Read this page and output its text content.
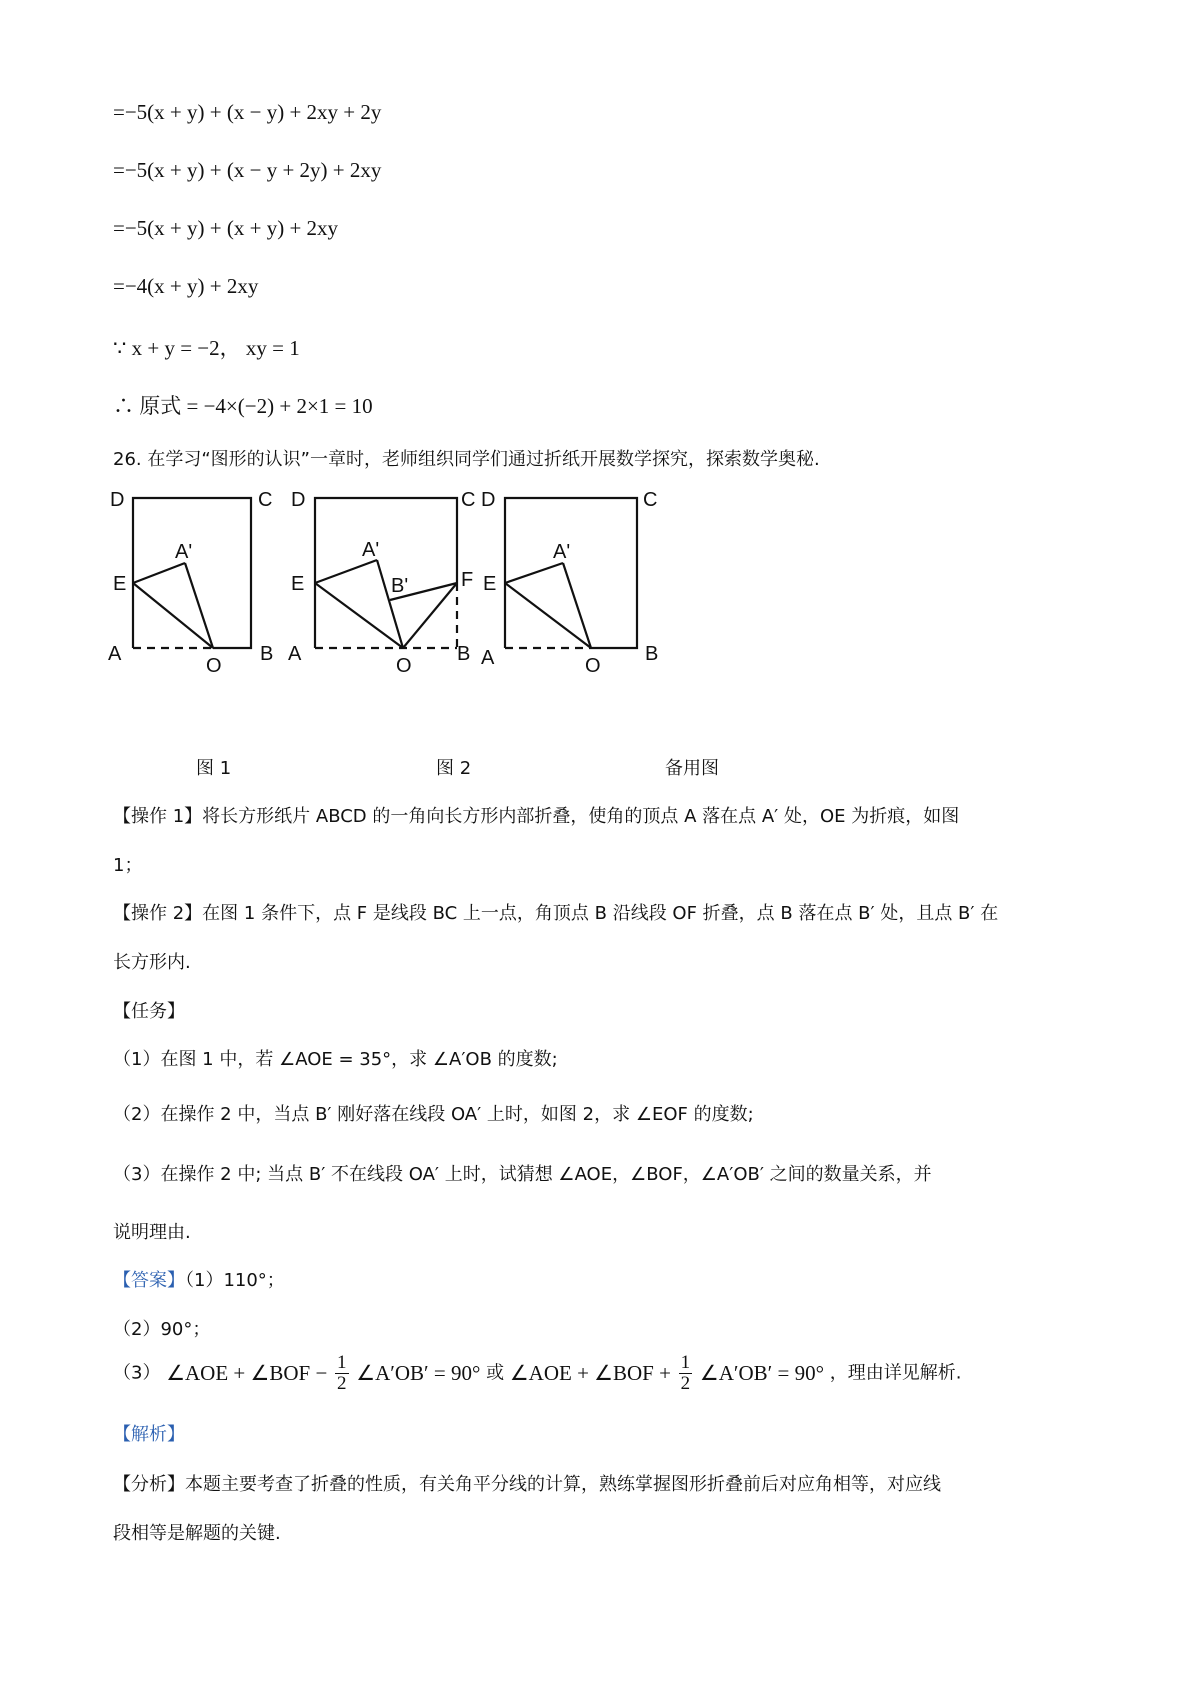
=−5(x + y) + (x − y) + 2xy + 2y
=−5(x + y) + (x − y + 2y) + 2xy
=−5(x + y) + (x + y) + 2xy
=−4(x + y) + 2xy
∵ x + y = −2， xy = 1
∴ 原式 = −4×(−2) + 2×1 = 10
26. 在学习“图形的认识”一章时，老师组织同学们通过折纸开展数学探究，探索数学奥秘.
D	C
A'
E
A
O
B
D	C
A'
B'	F
E
A
O
B
D	C
A'
E
A	O
B
图 1	图 2	备用图
【操作 1】将长方形纸片 ABCD 的一角向长方形内部折叠，使角的顶点 A 落在点 A′ 处，OE 为折痕，如图
1；
【操作 2】在图 1 条件下，点 F 是线段 BC 上一点，角顶点 B 沿线段 OF 折叠，点 B 落在点 B′ 处，且点 B′ 在
长方形内.
【任务】
（1）在图 1 中，若 ∠AOE = 35°，求 ∠A′OB 的度数;
（2）在操作 2 中，当点 B′ 刚好落在线段 OA′ 上时，如图 2，求 ∠EOF 的度数;
（3）在操作 2 中; 当点 B′ 不在线段 OA′ 上时，试猜想 ∠AOE，∠BOF，∠A′OB′ 之间的数量关系，并
说明理由.
【答案】（1）110°；
（2）90°；
（3） ∠AOE + ∠BOF − $\frac{1}{2}$ ∠A′OB′ = 90° 或 ∠AOE + ∠BOF + $\frac{1}{2}$ ∠A′OB′ = 90° ，理由详见解析.
【解析】
【分析】本题主要考查了折叠的性质，有关角平分线的计算，熟练掌握图形折叠前后对应角相等，对应线
段相等是解题的关键.
